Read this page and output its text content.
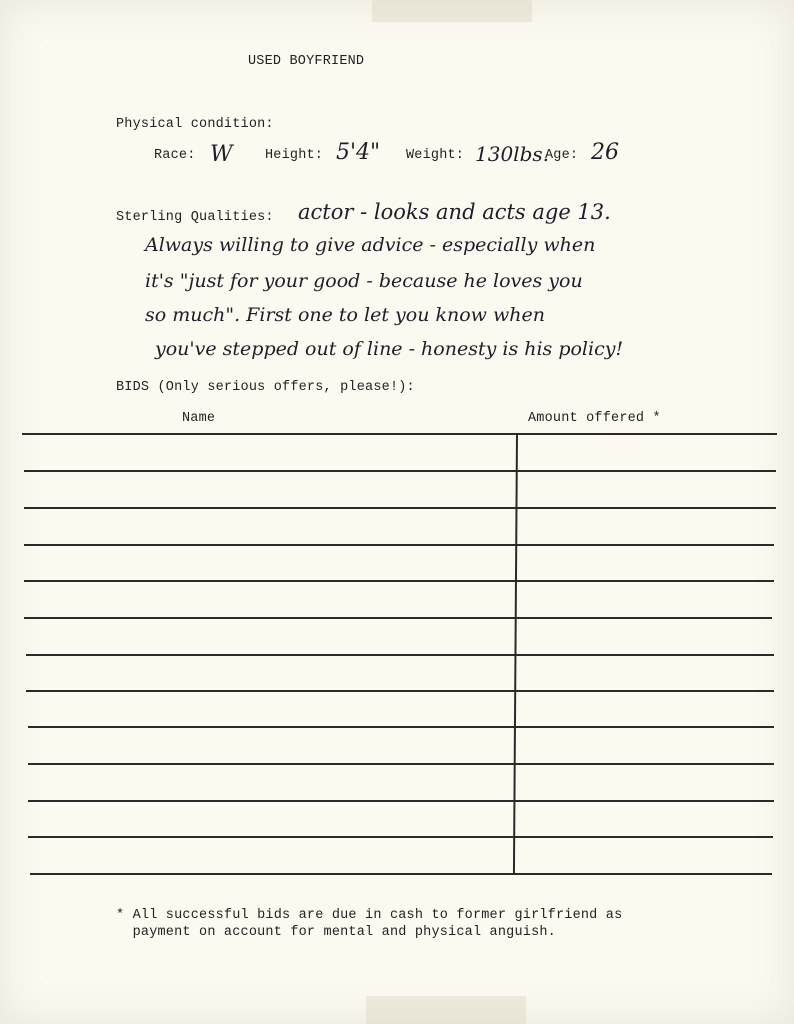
USED BOYFRIEND

Physical condition:

Race: W Height: 5'4" Weight: 130lbs.

Age: 26

Sterling Qualities:

actor - looks and acts age 13.

Always willing to give advice - especially when

it's "just for your good - because he loves you

so much". First one to let you know when

you've stepped out of line - honesty is his policy!

BIDS (Only serious offers, please!):

Name	Amount offered *

* All successful bids are due in cash to former girlfriend as
payment on account for mental and physical anguish.
